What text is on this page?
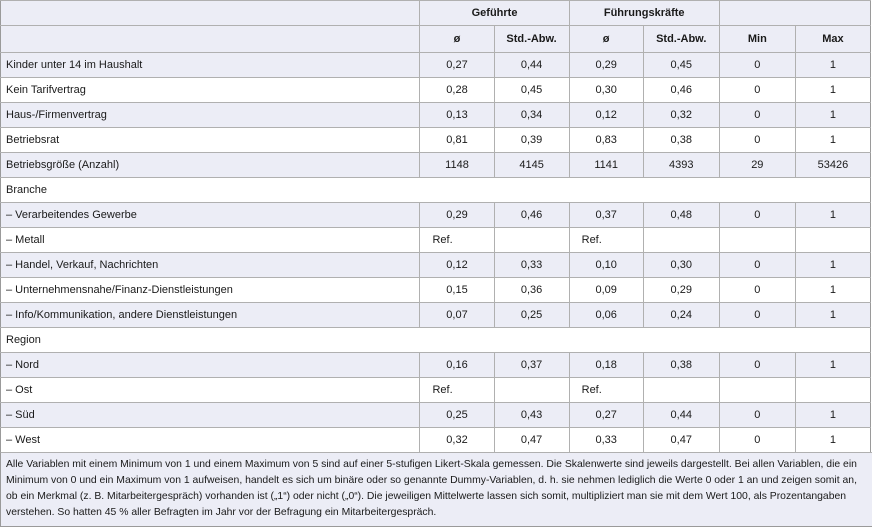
	Geführte		Führungskräfte			
	ø	Std.-Abw.	ø	Std.-Abw.	Min	Max
Kinder unter 14 im Haushalt	0,27	0,44	0,29	0,45	0	1
Kein Tarifvertrag	0,28	0,45	0,30	0,46	0	1
Haus-/Firmenvertrag	0,13	0,34	0,12	0,32	0	1
Betriebsrat	0,81	0,39	0,83	0,38	0	1
Betriebsgröße (Anzahl)	1148	4145	1141	4393	29	53426
Branche						
– Verarbeitendes Gewerbe	0,29	0,46	0,37	0,48	0	1
– Metall	Ref.		Ref.			
– Handel, Verkauf, Nachrichten	0,12	0,33	0,10	0,30	0	1
– Unternehmensnahe/Finanz-Dienstleistungen	0,15	0,36	0,09	0,29	0	1
– Info/Kommunikation, andere Dienstleistungen	0,07	0,25	0,06	0,24	0	1
Region						
– Nord	0,16	0,37	0,18	0,38	0	1
– Ost	Ref.		Ref.			
– Süd	0,25	0,43	0,27	0,44	0	1
– West	0,32	0,47	0,33	0,47	0	1
Alle Variablen mit einem Minimum von 1 und einem Maximum von 5 sind auf einer 5-stufigen Likert-Skala gemessen. Die Skalenwerte sind jeweils dargestellt. Bei allen Variablen, die ein Minimum von 0 und ein Maximum von 1 aufweisen, handelt es sich um binäre oder so genannte Dummy-Variablen, d. h. sie nehmen lediglich die Werte 0 oder 1 an und zeigen somit an, ob ein Merkmal (z. B. Mitarbeitergespräch) vorhanden ist („1“) oder nicht („0“). Die jeweiligen Mittelwerte lassen sich somit, multipliziert man sie mit dem Wert 100, als Prozentangaben verstehen. So hatten 45 % aller Befragten im Jahr vor der Befragung ein Mitarbeitergespräch.
